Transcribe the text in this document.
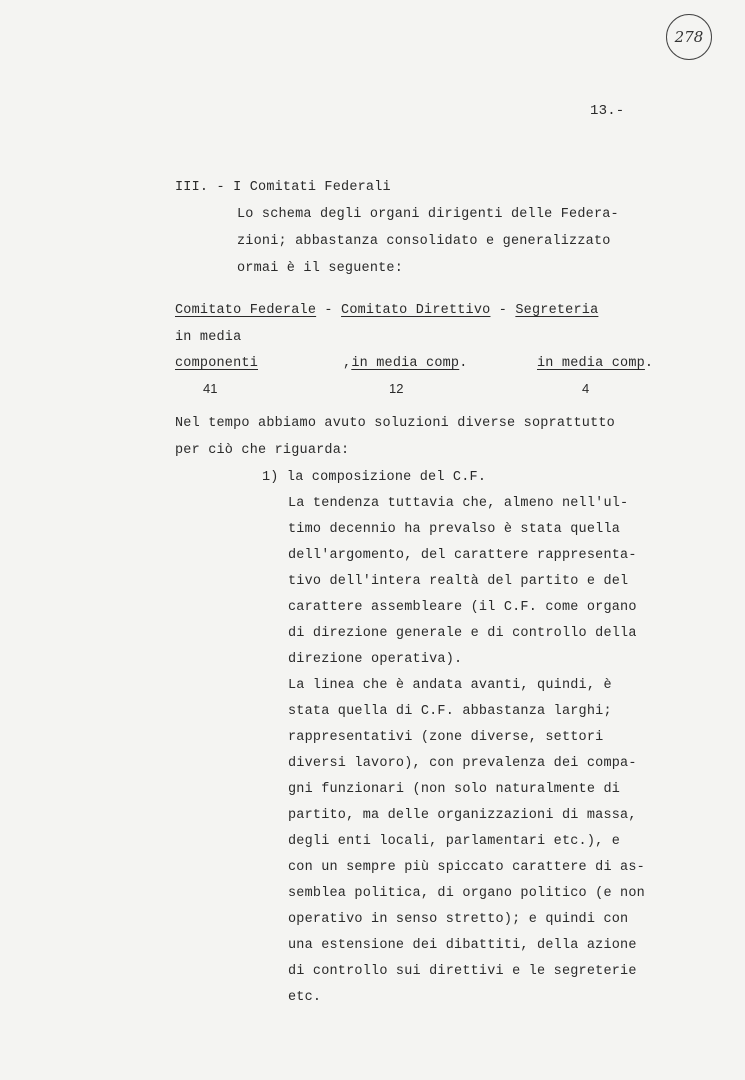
278
13.-
III. - I Comitati Federali
Lo schema degli organi dirigenti delle Federa-
zioni; abbastanza consolidato e generalizzato
ormai è il seguente:
Comitato Federale - Comitato Direttivo - Segreteria
in media
componenti	,in media comp.	in media comp.
41	12	4
Nel tempo abbiamo avuto soluzioni diverse soprattutto
per ciò che riguarda:
1) la composizione del C.F.
La tendenza tuttavia che, almeno nell'ul-
timo decennio ha prevalso è stata quella
dell'argomento, del carattere rappresenta-
tivo dell'intera realtà del partito e del
carattere assembleare (il C.F. come organo
di direzione generale e di controllo della
direzione operativa).
La linea che è andata avanti, quindi, è
stata quella di C.F. abbastanza larghi;
rappresentativi (zone diverse, settori
diversi lavoro), con prevalenza dei compa-
gni funzionari (non solo naturalmente di
partito, ma delle organizzazioni di massa,
degli enti locali, parlamentari etc.), e
con un sempre più spiccato carattere di as-
semblea politica, di organo politico (e non
operativo in senso stretto); e quindi con
una estensione dei dibattiti, della azione
di controllo sui direttivi e le segreterie
etc.
